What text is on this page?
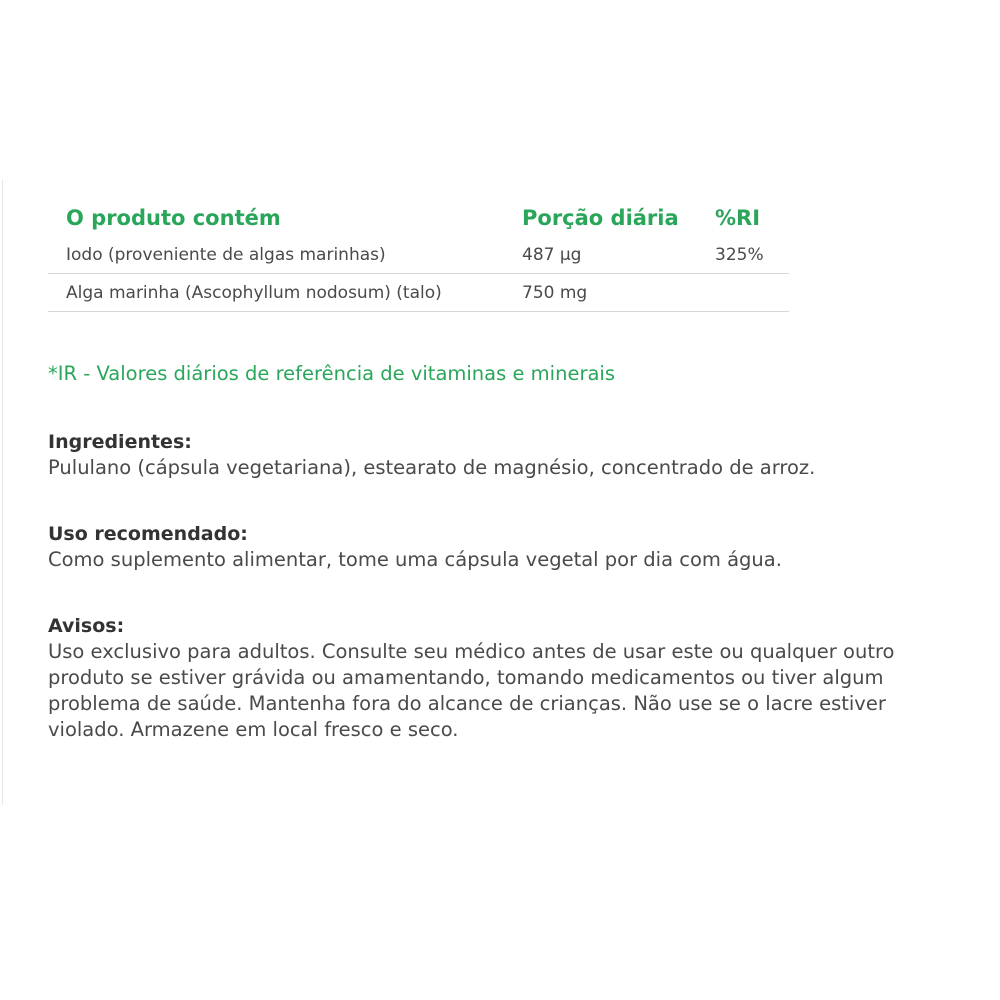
O produto contém	Porção diária	%RI
Iodo (proveniente de algas marinhas)	487 µg	325%
Alga marinha (Ascophyllum nodosum) (talo)	750 mg	
*IR - Valores diários de referência de vitaminas e minerais
Ingredientes:
Pululano (cápsula vegetariana), estearato de magnésio, concentrado de arroz.
Uso recomendado:
Como suplemento alimentar, tome uma cápsula vegetal por dia com água.
Avisos:
Uso exclusivo para adultos. Consulte seu médico antes de usar este ou qualquer outro
produto se estiver grávida ou amamentando, tomando medicamentos ou tiver algum
problema de saúde. Mantenha fora do alcance de crianças. Não use se o lacre estiver
violado. Armazene em local fresco e seco.
